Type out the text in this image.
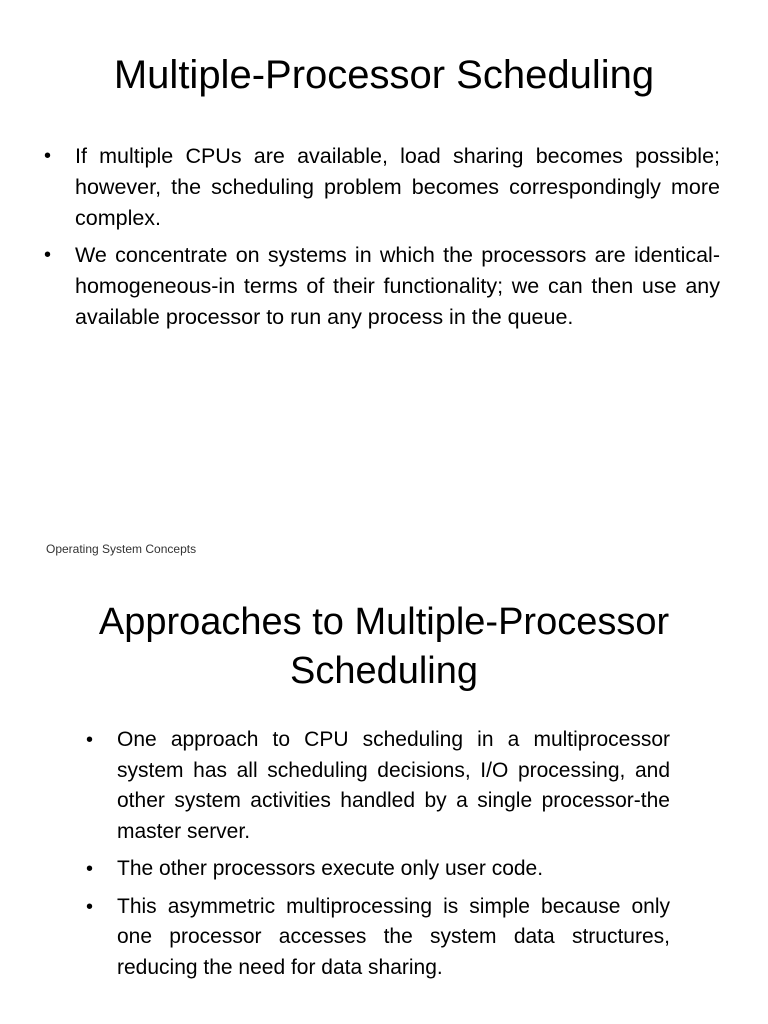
Multiple-Processor Scheduling
• If multiple CPUs are available, load sharing becomes possible; however, the scheduling problem becomes correspondingly more complex.
• We concentrate on systems in which the processors are identical-homogeneous-in terms of their functionality; we can then use any available processor to run any process in the queue.
Operating System Concepts
Approaches to Multiple-Processor Scheduling
• One approach to CPU scheduling in a multiprocessor system has all scheduling decisions, I/O processing, and other system activities handled by a single processor-the master server.
• The other processors execute only user code.
• This asymmetric multiprocessing is simple because only one processor accesses the system data structures, reducing the need for data sharing.
